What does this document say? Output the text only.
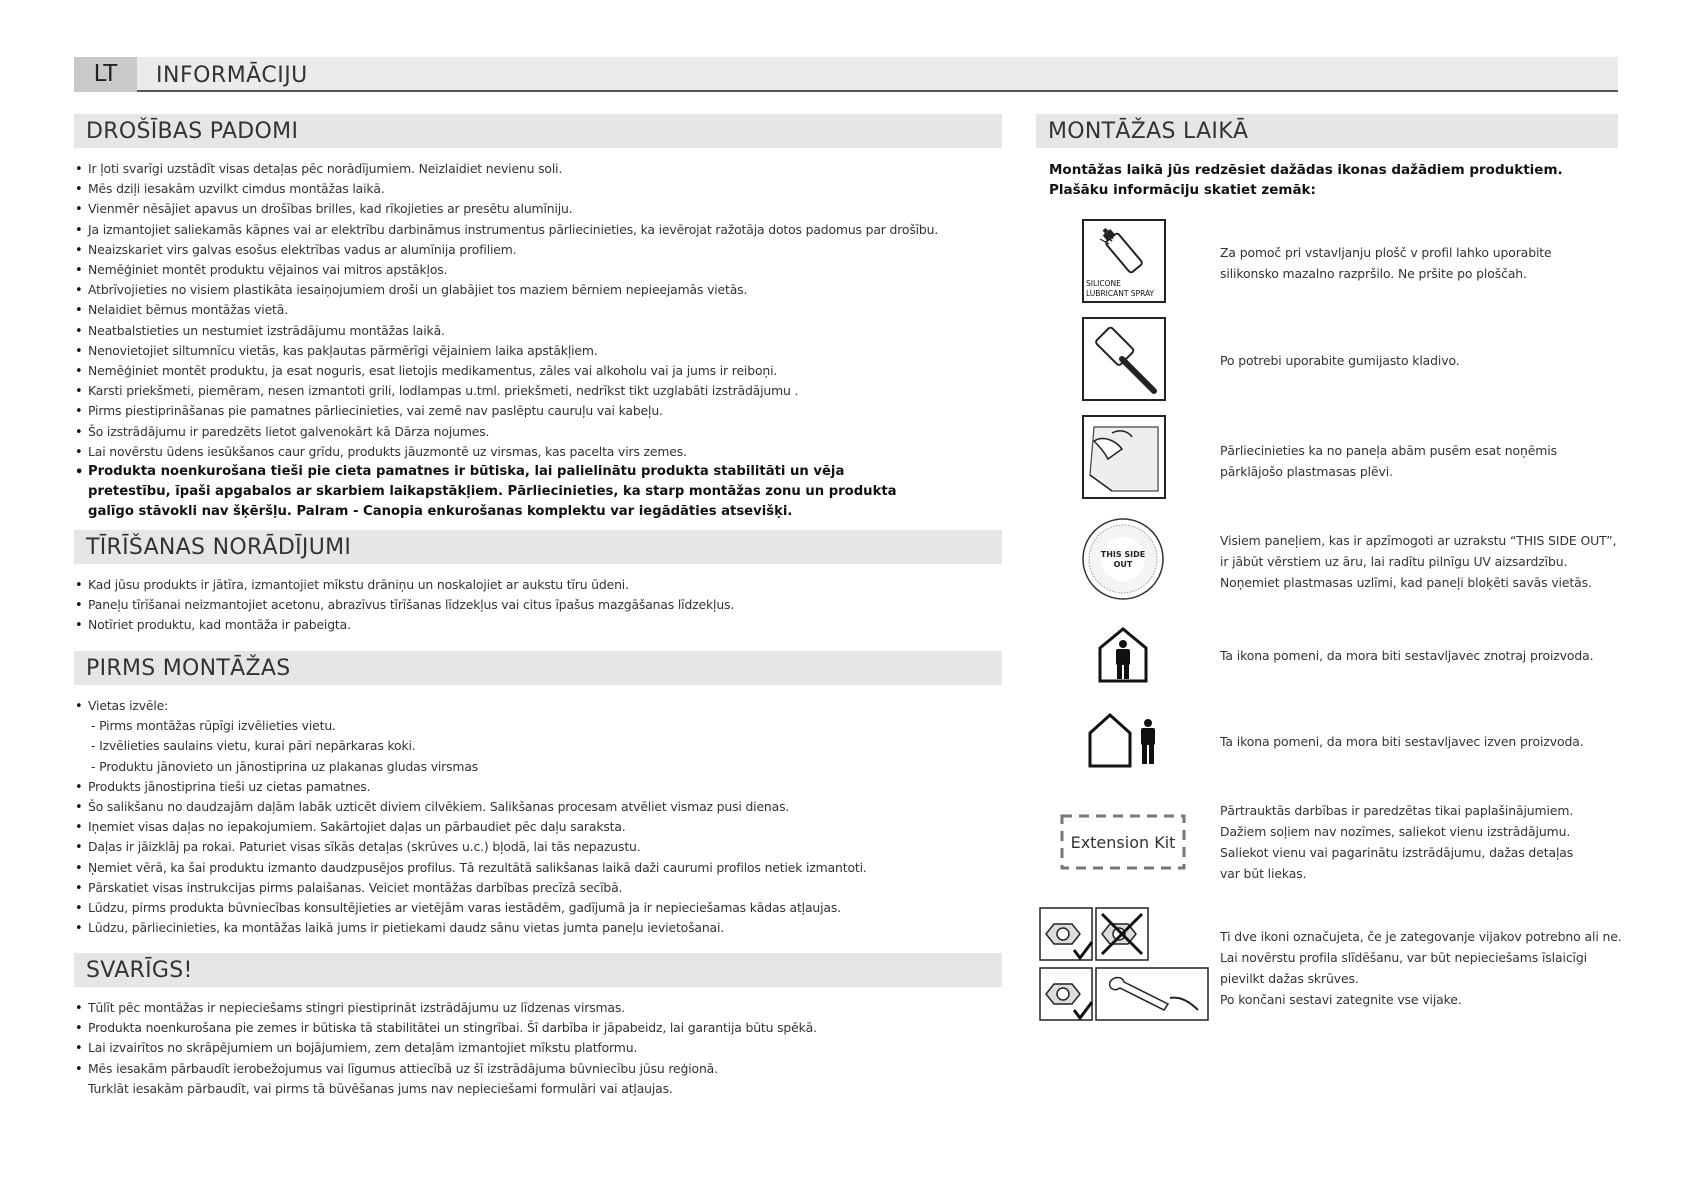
LT	INFORMĀCIJU
DROŠĪBAS PADOMI
• Ir ļoti svarīgi uzstādīt visas detaļas pēc norādījumiem. Neizlaidiet nevienu soli.
• Mēs dziļi iesakām uzvilkt cimdus montāžas laikā.
• Vienmēr nēsājiet apavus un drošības brilles, kad rīkojieties ar presētu alumīniju.
• Ja izmantojiet saliekamās kāpnes vai ar elektrību darbināmus instrumentus pārliecinieties, ka ievērojat ražotāja dotos padomus par drošību.
• Neaizskariet virs galvas esošus elektrības vadus ar alumīnija profiliem.
• Nemēģiniet montēt produktu vējainos vai mitros apstākļos.
• Atbrīvojieties no visiem plastikāta iesaiņojumiem droši un glabājiet tos maziem bērniem nepieejamās vietās.
• Nelaidiet bērnus montāžas vietā.
• Neatbalstieties un nestumiet izstrādājumu montāžas laikā.
• Nenovietojiet siltumnīcu vietās, kas pakļautas pārmērīgi vējainiem laika apstākļiem.
• Nemēģiniet montēt produktu, ja esat noguris, esat lietojis medikamentus, zāles vai alkoholu vai ja jums ir reiboņi.
• Karsti priekšmeti, piemēram, nesen izmantoti grili, lodlampas u.tml. priekšmeti, nedrīkst tikt uzglabāti izstrādājumu .
• Pirms piestiprināšanas pie pamatnes pārliecinieties, vai zemē nav paslēptu cauruļu vai kabeļu.
• Šo izstrādājumu ir paredzēts lietot galvenokārt kā Dārza nojumes.
• Lai novērstu ūdens iesūkšanos caur grīdu, produkts jāuzmontē uz virsmas, kas pacelta virs zemes.
• Produkta noenkurošana tieši pie cieta pamatnes ir būtiska, lai palielinātu produkta stabilitāti un vēja pretestību, īpaši apgabalos ar skarbiem laikapstākļiem. Pārliecinieties, ka starp montāžas zonu un produkta galīgo stāvokli nav šķēršļu. Palram - Canopia enkurošanas komplektu var iegādāties atsevišķi.
TĪRĪŠANAS NORĀDĪJUMI
• Kad jūsu produkts ir jātīra, izmantojiet mīkstu drāniņu un noskalojiet ar aukstu tīru ūdeni.
• Paneļu tīrīšanai neizmantojiet acetonu, abrazīvus tīrīšanas līdzekļus vai citus īpašus mazgāšanas līdzekļus.
• Notīriet produktu, kad montāža ir pabeigta.
PIRMS MONTĀŽAS
• Vietas izvēle:
- Pirms montāžas rūpīgi izvēlieties vietu.
- Izvēlieties saulains vietu, kurai pāri nepārkaras koki.
- Produktu jānovieto un jānostiprina uz plakanas gludas virsmas
• Produkts jānostiprina tieši uz cietas pamatnes.
• Šo salikšanu no daudzajām daļām labāk uzticēt diviem cilvēkiem. Salikšanas procesam atvēliet vismaz pusi dienas.
• Iņemiet visas daļas no iepakojumiem. Sakārtojiet daļas un pārbaudiet pēc daļu saraksta.
• Daļas ir jāizklāj pa rokai. Paturiet visas sīkās detaļas (skrūves u.c.) bļodā, lai tās nepazustu.
• Ņemiet vērā, ka šai produktu izmanto daudzpusējos profilus. Tā rezultātā salikšanas laikā daži caurumi profilos netiek izmantoti.
• Pārskatiet visas instrukcijas pirms palaišanas. Veiciet montāžas darbības precīzā secībā.
• Lūdzu, pirms produkta būvniecības konsultējieties ar vietējām varas iestādēm, gadījumā ja ir nepieciešamas kādas atļaujas.
• Lūdzu, pārliecinieties, ka montāžas laikā jums ir pietiekami daudz sānu vietas jumta paneļu ievietošanai.
SVARĪGS!
• Tūlīt pēc montāžas ir nepieciešams stingri piestiprināt izstrādājumu uz līdzenas virsmas.
• Produkta noenkurošana pie zemes ir būtiska tā stabilitātei un stingrībai. Šī darbība ir jāpabeidz, lai garantija būtu spēkā.
• Lai izvairītos no skrāpējumiem un bojājumiem, zem detaļām izmantojiet mīkstu platformu.
• Mēs iesakām pārbaudīt ierobežojumus vai līgumus attiecībā uz šī izstrādājuma būvniecību jūsu reģionā.
Turklāt iesakām pārbaudīt, vai pirms tā būvēšanas jums nav nepieciešami formulāri vai atļaujas.
MONTĀŽAS LAIKĀ
Montāžas laikā jūs redzēsiet dažādas ikonas dažādiem produktiem.
Plašāku informāciju skatiet zemāk:
SILICONE
LUBRICANT SPRAY
Za pomoč pri vstavljanju plošč v profil lahko uporabite
silikonsko mazalno razpršilo. Ne pršite po ploščah.
Po potrebi uporabite gumijasto kladivo.
Pārliecinieties ka no paneļa abām pusēm esat noņēmis
pārklājošo plastmasas plēvi.
THIS SIDE
OUT
Visiem paneļiem, kas ir apzīmogoti ar uzrakstu “THIS SIDE OUT”,
ir jābūt vērstiem uz āru, lai radītu pilnīgu UV aizsardzību.
Noņemiet plastmasas uzlīmi, kad paneļi bloķēti savās vietās.
Ta ikona pomeni, da mora biti sestavljavec znotraj proizvoda.
Ta ikona pomeni, da mora biti sestavljavec izven proizvoda.
Extension Kit
Pārtrauktās darbības ir paredzētas tikai paplašinājumiem.
Dažiem soļiem nav nozīmes, saliekot vienu izstrādājumu.
Saliekot vienu vai pagarinātu izstrādājumu, dažas detaļas
var būt liekas.
Ti dve ikoni označujeta, če je zategovanje vijakov potrebno ali ne.
Lai novērstu profila slīdēšanu, var būt nepieciešams īslaicīgi
pievilkt dažas skrūves.
Po končani sestavi zategnite vse vijake.
